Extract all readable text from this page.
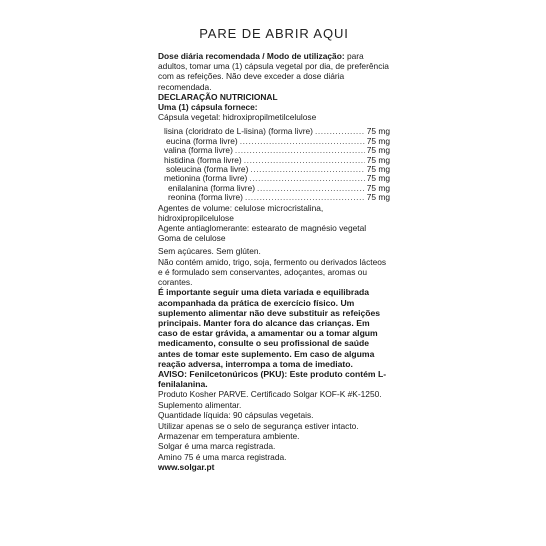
PARE DE ABRIR AQUI

Dose diária recomendada / Modo de utilização: para adultos, tomar uma (1) cápsula vegetal por dia, de preferência com as refeições. Não deve exceder a dose diária recomendada.

DECLARAÇÃO NUTRICIONAL

Uma (1) cápsula fornece:

Cápsula vegetal: hidroxipropilmetilcelulose

lisina (cloridrato de L-lisina) (forma livre) .....	75 mg
eucina (forma livre) .....	75 mg
valina (forma livre) .....	75 mg
histidina (forma livre) .....	75 mg
soleucina (forma livre) .....	75 mg
metionina (forma livre) .....	75 mg
enilalanina (forma livre) .....	75 mg
reonina (forma livre) .....	75 mg

Agentes de volume: celulose microcristalina, hidroxipropilcelulose

Agente antiaglomerante: estearato de magnésio vegetal

Goma de celulose

Sem açúcares. Sem glúten.

Não contém amido, trigo, soja, fermento ou derivados lácteos e é formulado sem conservantes, adoçantes, aromas ou corantes.

É importante seguir uma dieta variada e equilibrada acompanhada da prática de exercício físico. Um suplemento alimentar não deve substituir as refeições principais. Manter fora do alcance das crianças. Em caso de estar grávida, a amamentar ou a tomar algum medicamento, consulte o seu profissional de saúde antes de tomar este suplemento. Em caso de alguma reação adversa, interrompa a toma de imediato.

AVISO: Fenilcetonúricos (PKU): Este produto contém L-fenilalanina.

Produto Kosher PARVE. Certificado Solgar KOF-K #K-1250.

Suplemento alimentar.

Quantidade líquida: 90 cápsulas vegetais.

Utilizar apenas se o selo de segurança estiver intacto.

Armazenar em temperatura ambiente.

Solgar é uma marca registrada.

Amino 75 é uma marca registrada.

www.solgar.pt
